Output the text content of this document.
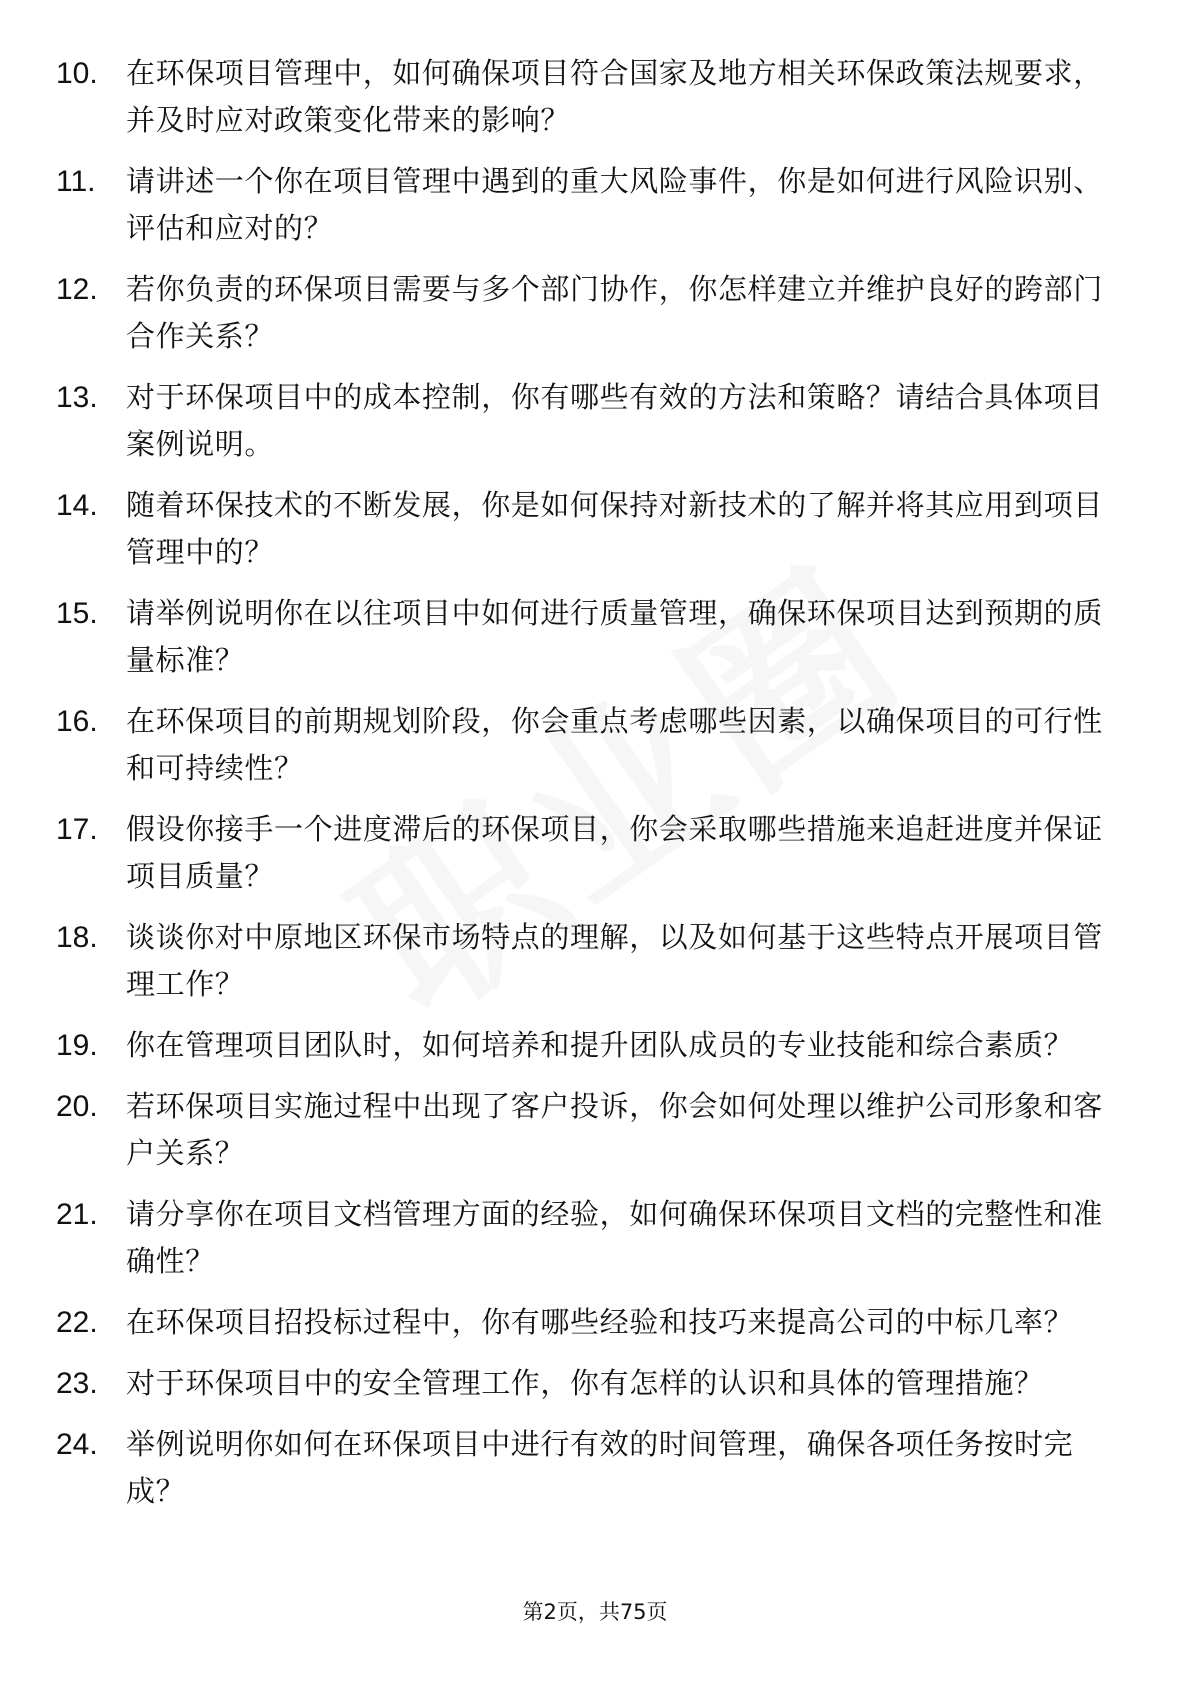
10. 在环保项目管理中，如何确保项目符合国家及地方相关环保政策法规要求，并及时应对政策变化带来的影响？
11.	请讲述一个你在项目管理中遇到的重大风险事件，你是如何进行风险识别、评估和应对的？
12. 若你负责的环保项目需要与多个部门协作，你怎样建立并维护良好的跨部门合作关系？
13. 对于环保项目中的成本控制，你有哪些有效的方法和策略？请结合具体项目案例说明。
14. 随着环保技术的不断发展，你是如何保持对新技术的了解并将其应用到项目管理中的？
15. 请举例说明你在以往项目中如何进行质量管理，确保环保项目达到预期的质量标准？
16. 在环保项目的前期规划阶段，你会重点考虑哪些因素，以确保项目的可行性和可持续性？
17. 假设你接手一个进度滞后的环保项目，你会采取哪些措施来追赶进度并保证项目质量？
18. 谈谈你对中原地区环保市场特点的理解，以及如何基于这些特点开展项目管理工作？
19. 你在管理项目团队时，如何培养和提升团队成员的专业技能和综合素质？
20. 若环保项目实施过程中出现了客户投诉，你会如何处理以维护公司形象和客户关系？
21. 请分享你在项目文档管理方面的经验，如何确保环保项目文档的完整性和准确性？
22. 在环保项目招投标过程中，你有哪些经验和技巧来提高公司的中标几率？
23. 对于环保项目中的安全管理工作，你有怎样的认识和具体的管理措施？
24. 举例说明你如何在环保项目中进行有效的时间管理，确保各项任务按时完成？
第2页，共75页
